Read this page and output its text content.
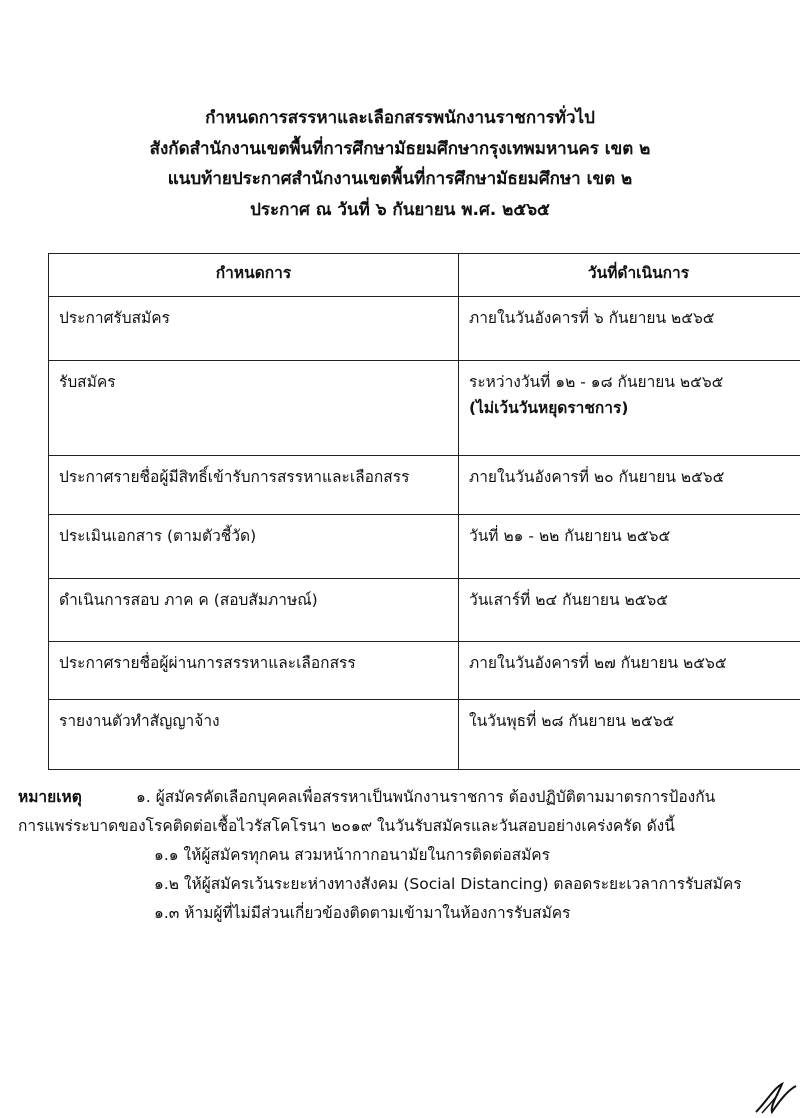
กำหนดการสรรหาและเลือกสรรพนักงานราชการทั่วไป
สังกัดสำนักงานเขตพื้นที่การศึกษามัธยมศึกษากรุงเทพมหานคร เขต ๒
แนบท้ายประกาศสำนักงานเขตพื้นที่การศึกษามัธยมศึกษา เขต ๒
ประกาศ ณ วันที่ ๖ กันยายน พ.ศ. ๒๕๖๕
กำหนดการ	วันที่ดำเนินการ
ประกาศรับสมัคร	ภายในวันอังคารที่ ๖ กันยายน ๒๕๖๕
รับสมัคร	ระหว่างวันที่ ๑๒ - ๑๘ กันยายน ๒๕๖๕
(ไม่เว้นวันหยุดราชการ)

ประกาศรายชื่อผู้มีสิทธิ์เข้ารับการสรรหาและเลือกสรร	ภายในวันอังคารที่ ๒๐ กันยายน ๒๕๖๕
ประเมินเอกสาร (ตามตัวชี้วัด)	วันที่ ๒๑ - ๒๒ กันยายน ๒๕๖๕
ดำเนินการสอบ ภาค ค (สอบสัมภาษณ์)	วันเสาร์ที่ ๒๔ กันยายน ๒๕๖๕
ประกาศรายชื่อผู้ผ่านการสรรหาและเลือกสรร	ภายในวันอังคารที่ ๒๗ กันยายน ๒๕๖๕
รายงานตัวทำสัญญาจ้าง	ในวันพุธที่ ๒๘ กันยายน ๒๕๖๕
หมายเหตุ	๑. ผู้สมัครคัดเลือกบุคคลเพื่อสรรหาเป็นพนักงานราชการ ต้องปฏิบัติตามมาตรการป้องกัน
การแพร่ระบาดของโรคติดต่อเชื้อไวรัสโคโรนา ๒๐๑๙ ในวันรับสมัครและวันสอบอย่างเคร่งครัด ดังนี้
๑.๑ ให้ผู้สมัครทุกคน สวมหน้ากากอนามัยในการติดต่อสมัคร
๑.๒ ให้ผู้สมัครเว้นระยะห่างทางสังคม (Social Distancing) ตลอดระยะเวลาการรับสมัคร
๑.๓ ห้ามผู้ที่ไม่มีส่วนเกี่ยวข้องติดตามเข้ามาในห้องการรับสมัคร
